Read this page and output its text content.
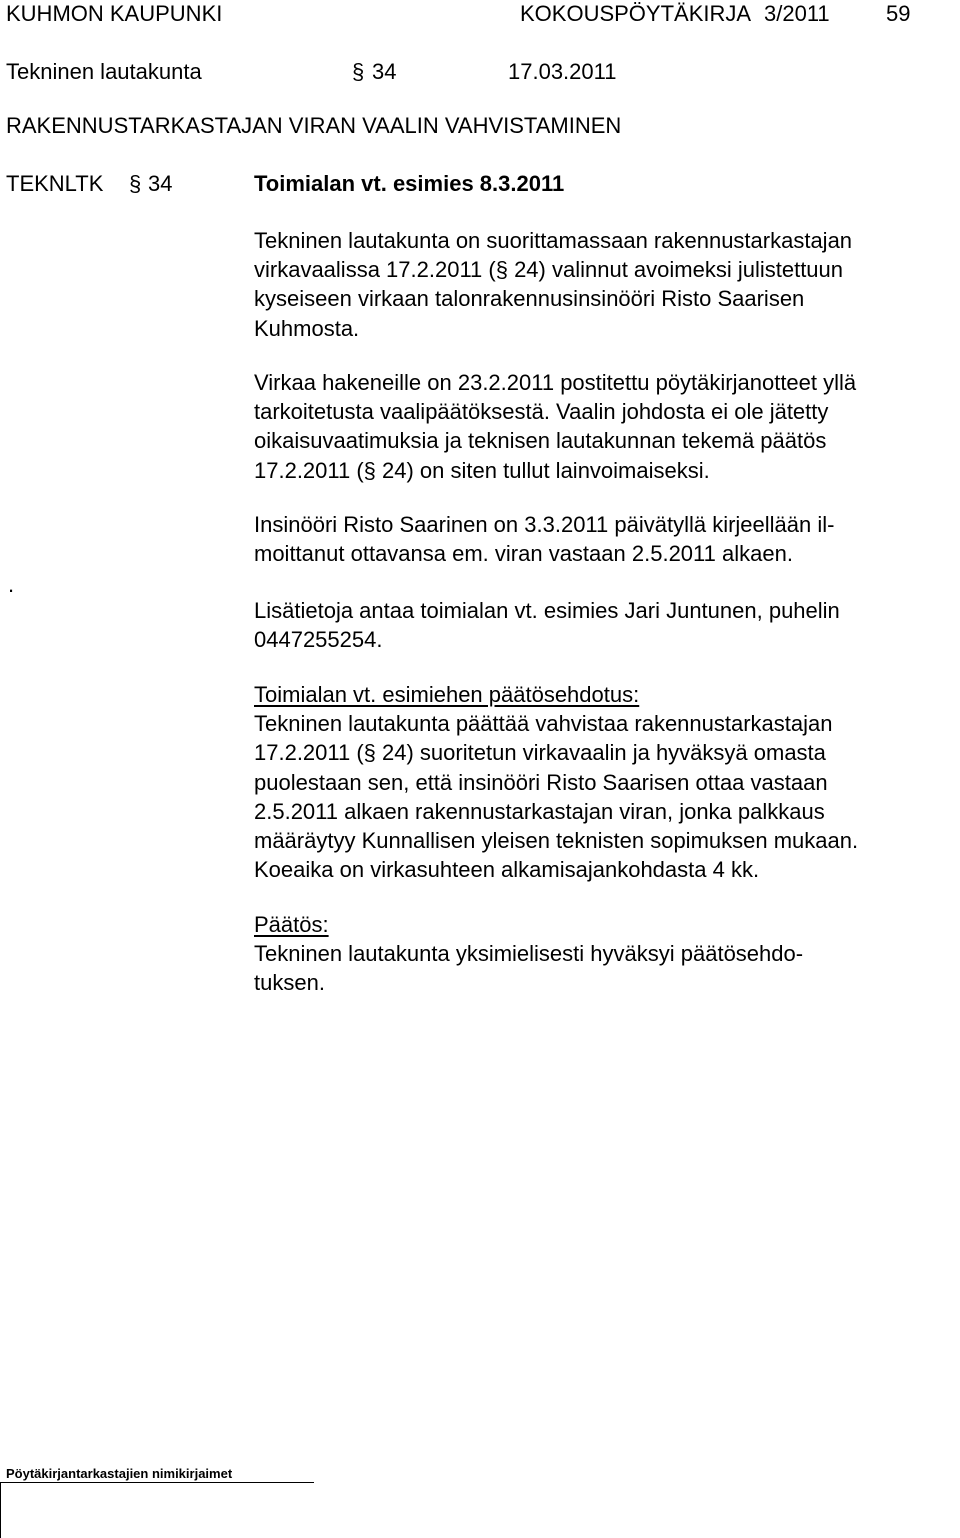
KUHMON KAUPUNKI	KOKOUSPÖYTÄKIRJA 3/2011	59
Tekninen lautakunta	§ 34	17.03.2011
RAKENNUSTARKASTAJAN VIRAN VAALIN VAHVISTAMINEN
TEKNLTK § 34	Toimialan vt. esimies 8.3.2011

Tekninen lautakunta on suorittamassaan rakennustarkastajan

virkavaalissa 17.2.2011 (§ 24) valinnut avoimeksi julistettuun

kyseiseen virkaan talonrakennusinsinööri Risto Saarisen

Kuhmosta.

Virkaa hakeneille on 23.2.2011 postitettu pöytäkirjanotteet yllä

tarkoitetusta vaalipäätöksestä. Vaalin johdosta ei ole jätetty

oikaisuvaatimuksia ja teknisen lautakunnan tekemä päätös

17.2.2011 (§ 24) on siten tullut lainvoimaiseksi.

.

Insinööri Risto Saarinen on 3.3.2011 päivätyllä kirjeellään il-

moittanut ottavansa em. viran vastaan 2.5.2011 alkaen.

Lisätietoja antaa toimialan vt. esimies Jari Juntunen, puhelin

0447255254.

Toimialan vt. esimiehen päätösehdotus:

Tekninen lautakunta päättää vahvistaa rakennustarkastajan

17.2.2011 (§ 24) suoritetun virkavaalin ja hyväksyä omasta

puolestaan sen, että insinööri Risto Saarisen ottaa vastaan

2.5.2011 alkaen rakennustarkastajan viran, jonka palkkaus

määräytyy Kunnallisen yleisen teknisten sopimuksen mukaan.

Koeaika on virkasuhteen alkamisajankohdasta 4 kk.

Päätös:

Tekninen lautakunta yksimielisesti hyväksyi päätösehdo-

tuksen.

Pöytäkirjantarkastajien nimikirjaimet
